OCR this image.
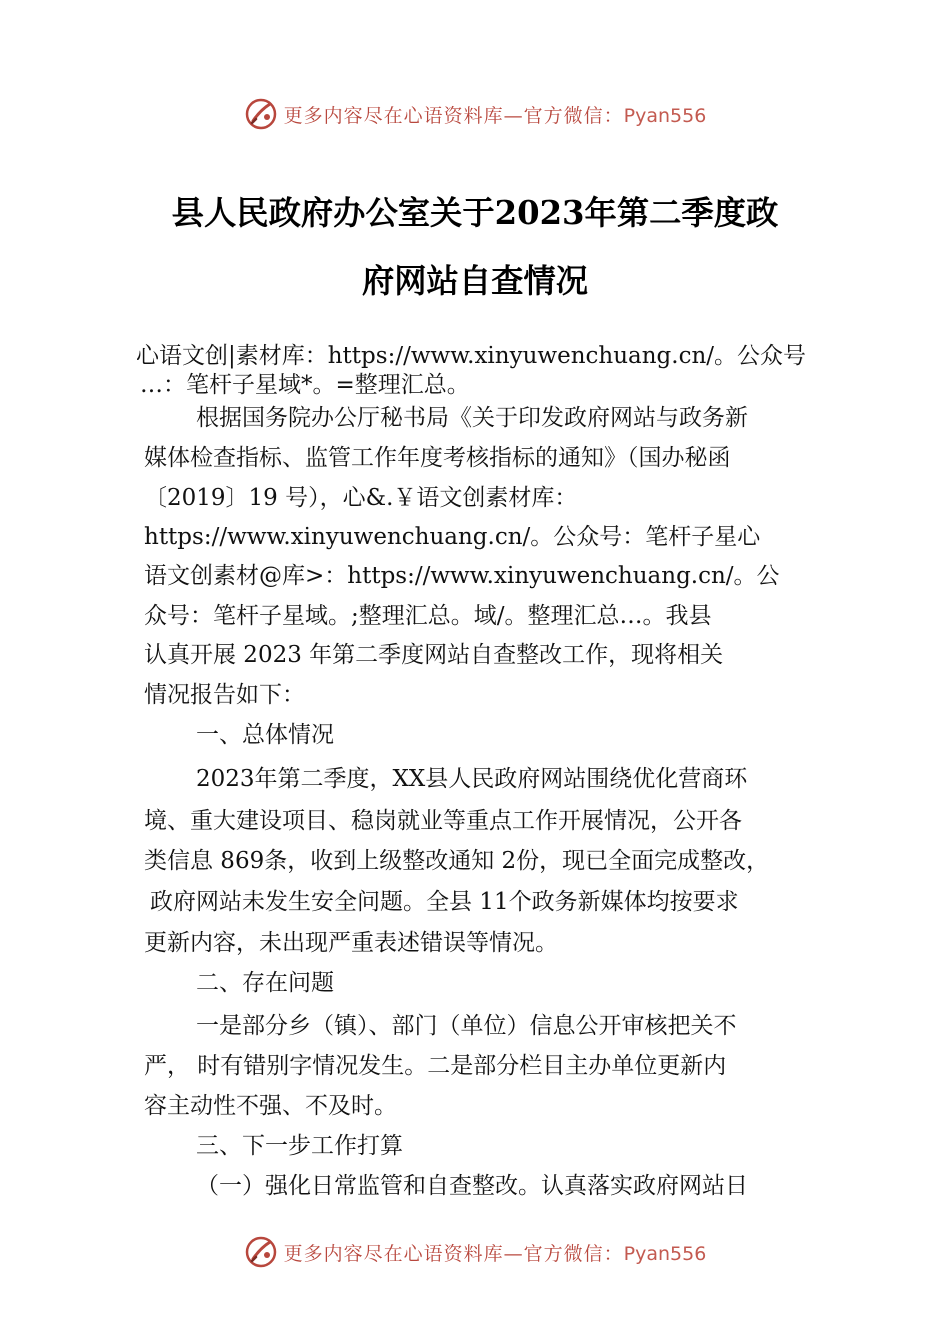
更多内容尽在心语资料库—官方微信：Pyan556
县人民政府办公室关于2023年第二季度政
府网站自查情况
心语文创|素材库：https://www.xinyuwenchuang.cn/。公众号
…：笔杆子星域*。=整理汇总。
根据国务院办公厅秘书局《关于印发政府网站与政务新
媒体检查指标、监管工作年度考核指标的通知》（国办秘函
〔2019〕19 号），心&.￥语文创素材库：
https://www.xinyuwenchuang.cn/。公众号：笔杆子星心
语文创素材@库>：https://www.xinyuwenchuang.cn/。公
众号：笔杆子星域。;整理汇总。域/。整理汇总…。我县
认真开展 2023 年第二季度网站自查整改工作，现将相关
情况报告如下：
一、总体情况
2023年第二季度，XX县人民政府网站围绕优化营商环
境、重大建设项目、稳岗就业等重点工作开展情况，公开各
类信息 869条，收到上级整改通知 2份，现已全面完成整改，
政府网站未发生安全问题。全县 11个政务新媒体均按要求
更新内容，未出现严重表述错误等情况。
二、存在问题
一是部分乡（镇）、部门（单位）信息公开审核把关不
严， 时有错别字情况发生。二是部分栏目主办单位更新内
容主动性不强、不及时。
三、下一步工作打算
（一）强化日常监管和自查整改。认真落实政府网站日
更多内容尽在心语资料库—官方微信：Pyan556
